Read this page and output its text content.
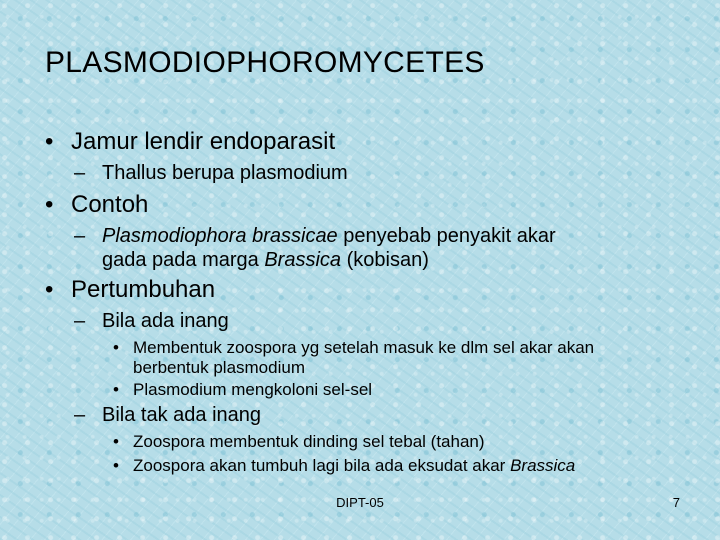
PLASMODIOPHOROMYCETES
• Jamur lendir endoparasit
– Thallus berupa plasmodium
• Contoh
– Plasmodiophora brassicae penyebab penyakit akar
gada pada marga Brassica (kobisan)
• Pertumbuhan
– Bila ada inang
• Membentuk zoospora yg setelah masuk ke dlm sel akar akan
berbentuk plasmodium
• Plasmodium mengkoloni sel-sel
– Bila tak ada inang
• Zoospora membentuk dinding sel tebal (tahan)
• Zoospora akan tumbuh lagi bila ada eksudat akar Brassica
DIPT-05	7
